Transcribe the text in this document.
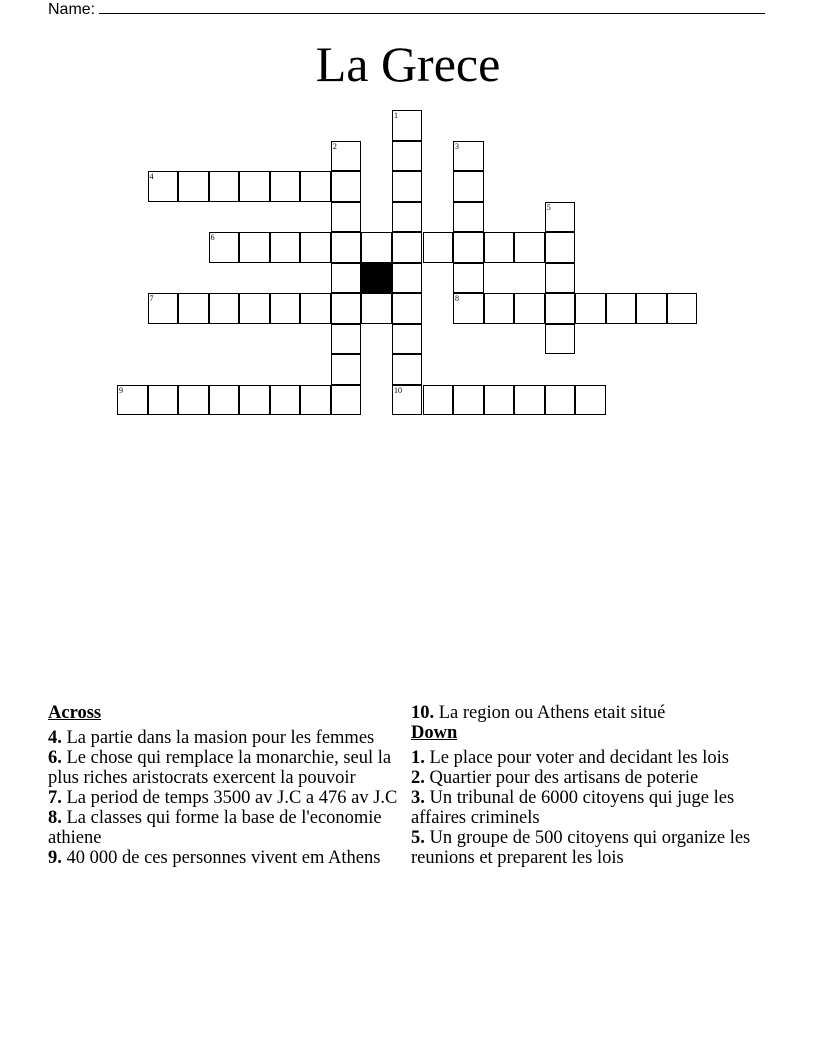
Name:
La Grece
1
10
2	3
8
4
5
6
7
9
Across
4. La partie dans la masion pour les femmes
6. Le chose qui remplace la monarchie, seul la plus riches aristocrats exercent la pouvoir
7. La period de temps 3500 av J.C a 476 av J.C
8. La classes qui forme la base de l'economie athiene
9. 40 000 de ces personnes vivent em Athens
10. La region ou Athens etait situé
Down
1. Le place pour voter and decidant les lois
2. Quartier pour des artisans de poterie
3. Un tribunal de 6000 citoyens qui juge les affaires criminels
5. Un groupe de 500 citoyens qui organize les reunions et preparent les lois
